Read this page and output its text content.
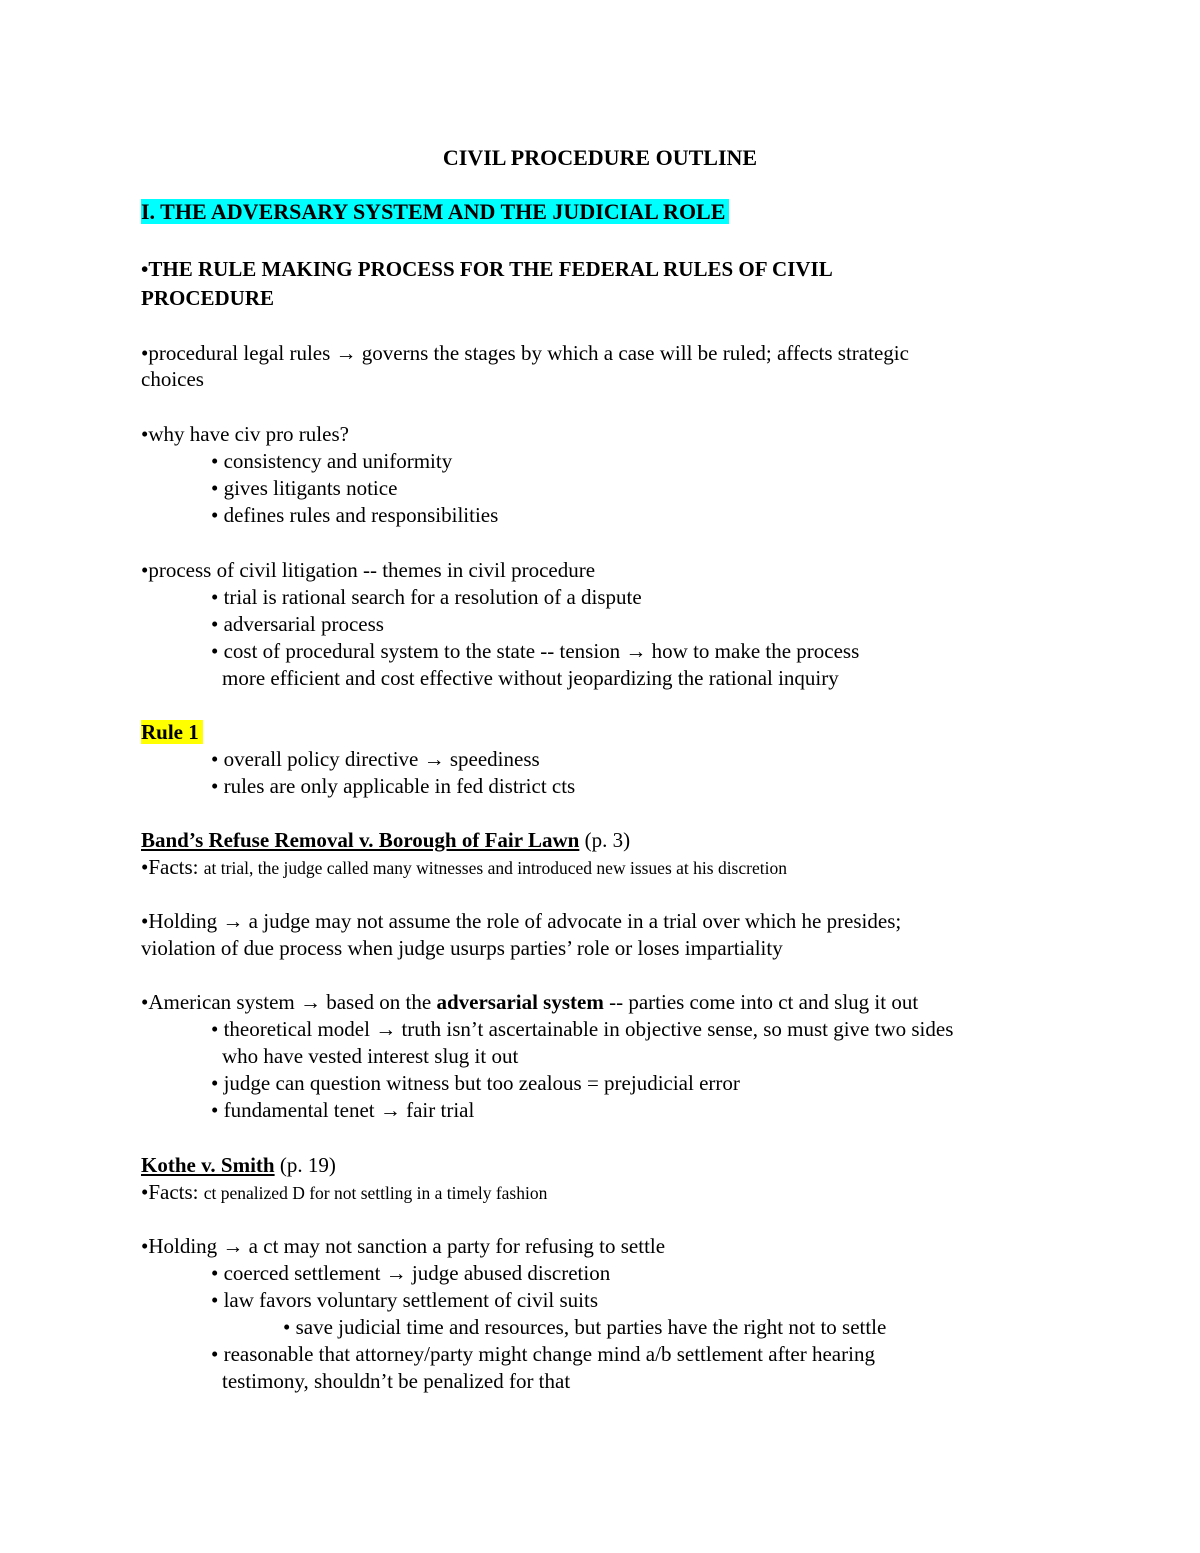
CIVIL PROCEDURE OUTLINE
I. THE ADVERSARY SYSTEM AND THE JUDICIAL ROLE
•THE RULE MAKING PROCESS FOR THE FEDERAL RULES OF CIVIL
PROCEDURE
•procedural legal rules → governs the stages by which a case will be ruled; affects strategic
choices
•why have civ pro rules?
• consistency and uniformity
• gives litigants notice
• defines rules and responsibilities
•process of civil litigation -- themes in civil procedure
• trial is rational search for a resolution of a dispute
• adversarial process
• cost of procedural system to the state -- tension → how to make the process
more efficient and cost effective without jeopardizing the rational inquiry
Rule 1
• overall policy directive → speediness
• rules are only applicable in fed district cts
Band’s Refuse Removal v. Borough of Fair Lawn (p. 3)
•Facts: at trial, the judge called many witnesses and introduced new issues at his discretion
•Holding → a judge may not assume the role of advocate in a trial over which he presides;
violation of due process when judge usurps parties’ role or loses impartiality
•American system → based on the adversarial system -- parties come into ct and slug it out
• theoretical model → truth isn’t ascertainable in objective sense, so must give two sides
who have vested interest slug it out
• judge can question witness but too zealous = prejudicial error
• fundamental tenet → fair trial
Kothe v. Smith (p. 19)
•Facts: ct penalized D for not settling in a timely fashion
•Holding → a ct may not sanction a party for refusing to settle
• coerced settlement → judge abused discretion
• law favors voluntary settlement of civil suits
• save judicial time and resources, but parties have the right not to settle
• reasonable that attorney/party might change mind a/b settlement after hearing
testimony, shouldn’t be penalized for that
